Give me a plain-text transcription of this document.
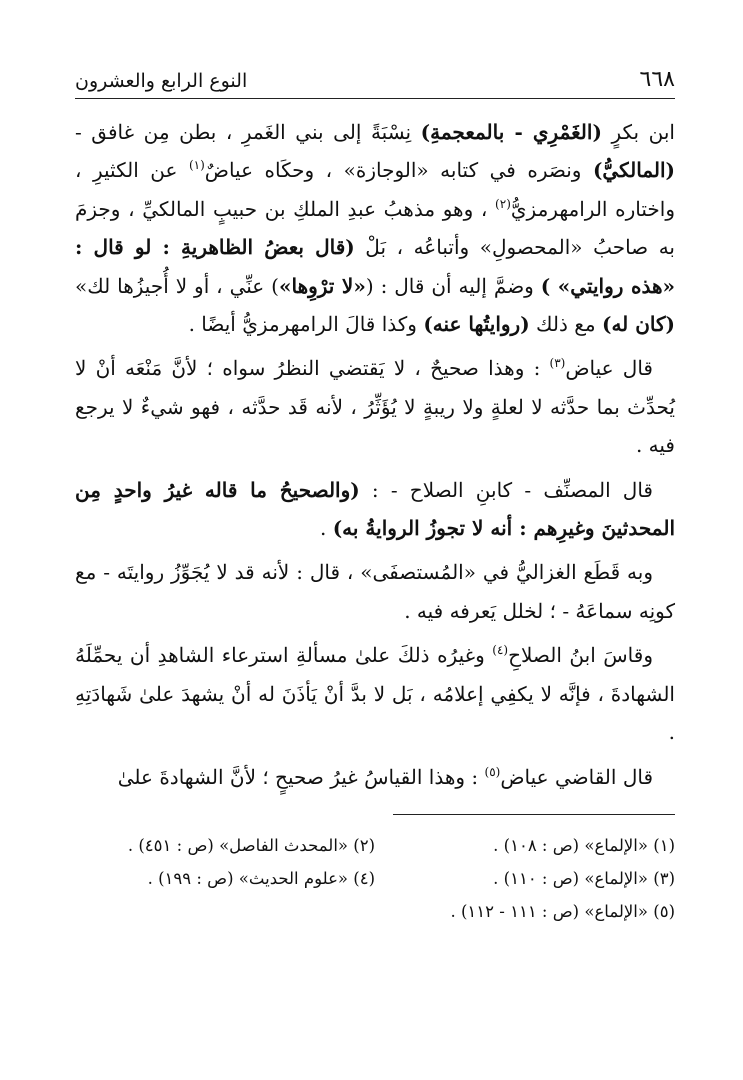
٦٦٨
النوع الرابع والعشرون

ابن بكرٍ (الغَمْرِي - بالمعجمةِ) نِسْبَةً إلى بني الغَمرِ ، بطن مِن غافق - (المالكيُّ) ونصَره في كتابه «الوجازة» ، وحكَاه عياضٌ$^{(١)}$ عن الكثيرِ ، واختاره الرامهرمزيُّ$^{(٢)}$ ، وهو مذهبُ عبدِ الملكِ بن حبيبٍ المالكيِّ ، وجزمَ به صاحبُ «المحصولِ» وأتباعُه ، بَلْ (قال بعضُ الظاهريةِ : لو قال : «هذه روايتي» ) وضمَّ إليه أن قال : («لا ترْوِها») عنِّي ، أو لا أُجيزُها لك» (كان له) مع ذلك (روايتُها عنه) وكذا قالَ الرامهرمزيُّ أيضًا .

قال عياض$^{(٣)}$ : وهذا صحيحٌ ، لا يَقتضي النظرُ سواه ؛ لأنَّ مَنْعَه أنْ لا يُحدِّث بما حدَّثه لا لعلةٍ ولا ريبةٍ لا يُؤَثِّرُ ، لأنه قَد حدَّثه ، فهو شيءٌ لا يرجع فيه .

قال المصنِّف - كابنِ الصلاح - : (والصحيحُ ما قاله غيرُ واحدٍ مِن المحدثينَ وغيرِهم : أنه لا تجوزُ الروايةُ به) .

وبه قَطَع الغزاليُّ في «المُستصفَى» ، قال : لأنه قد لا يُجَوِّزُ روايتَه - مع كونِه سماعَهُ - ؛ لخلل يَعرفه فيه .

وقاسَ ابنُ الصلاحِ$^{(٤)}$ وغيرُه ذلكَ علىٰ مسألةِ استرعاء الشاهدِ أن يحمِّلَهُ الشهادةَ ، فإنَّه لا يكفِي إعلامُه ، بَل لا بدَّ أنْ يَأذَنَ له أنْ يشهدَ علىٰ شَهادَتِهِ .

قال القاضي عياض$^{(٥)}$ : وهذا القياسُ غيرُ صحيحٍ ؛ لأنَّ الشهادةَ علىٰ

(١) «الإلماع» (ص : ١٠٨) .
(٢) «المحدث الفاصل» (ص : ٤٥١) .
(٣) «الإلماع» (ص : ١١٠) .
(٤) «علوم الحديث» (ص : ١٩٩) .
(٥) «الإلماع» (ص : ١١١ - ١١٢) .
